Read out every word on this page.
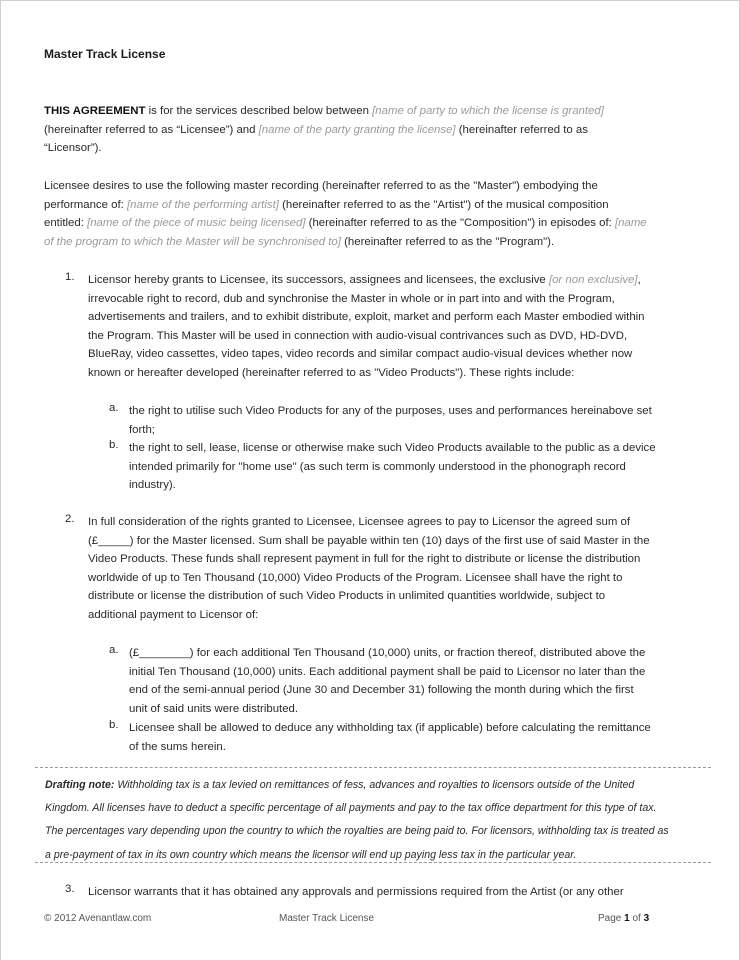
Master Track License
THIS AGREEMENT is for the services described below between [name of party to which the license is granted]
(hereinafter referred to as “Licensee”) and [name of the party granting the license] (hereinafter referred to as
“Licensor”).
Licensee desires to use the following master recording (hereinafter referred to as the "Master") embodying the
performance of: [name of the performing artist] (hereinafter referred to as the "Artist") of the musical composition
entitled: [name of the piece of music being licensed] (hereinafter referred to as the "Composition") in episodes of: [name
of the program to which the Master will be synchronised to] (hereinafter referred to as the "Program").
1. Licensor hereby grants to Licensee, its successors, assignees and licensees, the exclusive [or non exclusive],
irrevocable right to record, dub and synchronise the Master in whole or in part into and with the Program,
advertisements and trailers, and to exhibit distribute, exploit, market and perform each Master embodied within
the Program. This Master will be used in connection with audio-visual contrivances such as DVD, HD-DVD,
BlueRay, video cassettes, video tapes, video records and similar compact audio-visual devices whether now
known or hereafter developed (hereinafter referred to as "Video Products"). These rights include:
a. the right to utilise such Video Products for any of the purposes, uses and performances hereinabove set
forth;
b. the right to sell, lease, license or otherwise make such Video Products available to the public as a device
intended primarily for "home use" (as such term is commonly understood in the phonograph record
industry).
2. In full consideration of the rights granted to Licensee, Licensee agrees to pay to Licensor the agreed sum of
(£_____) for the Master licensed. Sum shall be payable within ten (10) days of the first use of said Master in the
Video Products. These funds shall represent payment in full for the right to distribute or license the distribution
worldwide of up to Ten Thousand (10,000) Video Products of the Program. Licensee shall have the right to
distribute or license the distribution of such Video Products in unlimited quantities worldwide, subject to
additional payment to Licensor of:
a. (£________) for each additional Ten Thousand (10,000) units, or fraction thereof, distributed above the
initial Ten Thousand (10,000) units. Each additional payment shall be paid to Licensor no later than the
end of the semi-annual period (June 30 and December 31) following the month during which the first
unit of said units were distributed.
b. Licensee shall be allowed to deduce any withholding tax (if applicable) before calculating the remittance
of the sums herein.
Drafting note: Withholding tax is a tax levied on remittances of fess, advances and royalties to licensors outside of the United
Kingdom. All licenses have to deduct a specific percentage of all payments and pay to the tax office department for this type of tax.
The percentages vary depending upon the country to which the royalties are being paid to. For licensors, withholding tax is treated as
a pre-payment of tax in its own country which means the licensor will end up paying less tax in the particular year.
3. Licensor warrants that it has obtained any approvals and permissions required from the Artist (or any other
© 2012 Avenantlaw.com	Master Track License	Page 1 of 3
